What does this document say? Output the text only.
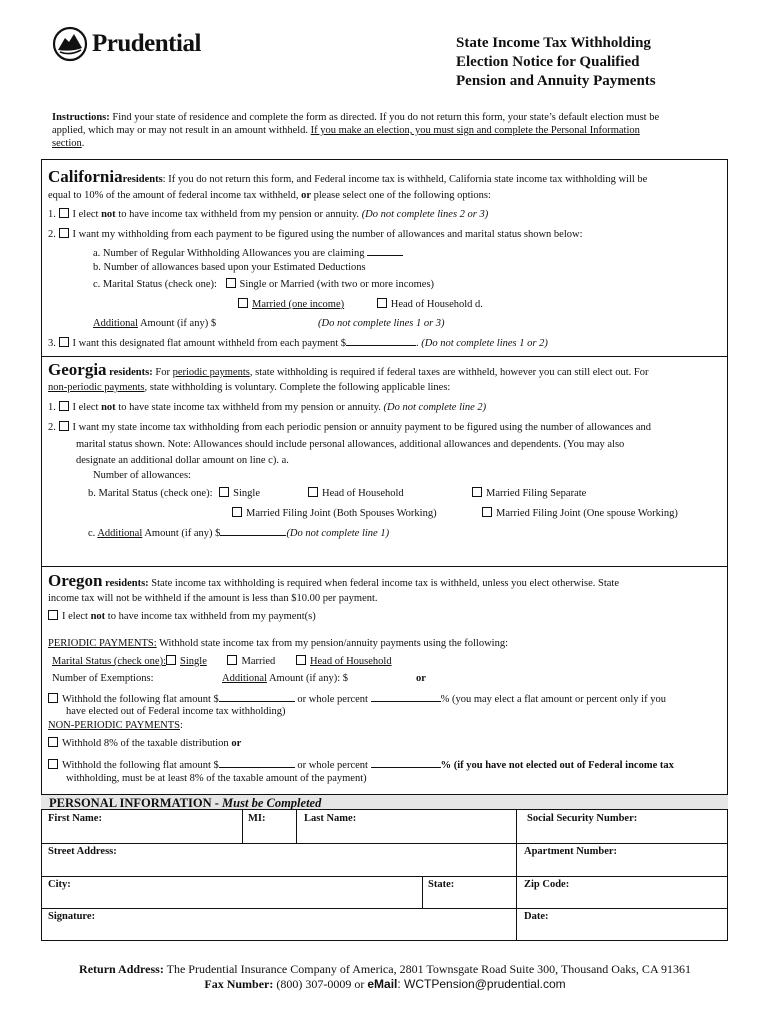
Prudential	State Income Tax Withholding
Election Notice for Qualified
Pension and Annuity Payments
Instructions: Find your state of residence and complete the form as directed. If you do not return this form, your state’s default election must be
applied, which may or may not result in an amount withheld. If you make an election, you must sign and complete the Personal Information
section.
Californiaresidents: If you do not return this form, and Federal income tax is withheld, California state income tax withholding will be
equal to 10% of the amount of federal income tax withheld, or please select one of the following options:
1. I elect not to have income tax withheld from my pension or annuity. (Do not complete lines 2 or 3)
2. I want my withholding from each payment to be figured using the number of allowances and marital status shown below:
a. Number of Regular Withholding Allowances you are claiming
b. Number of allowances based upon your Estimated Deductions
c. Marital Status (check one): Single or Married (with two or more incomes)
Married (one income)	Head of Household d.
Additional Amount (if any) $	(Do not complete lines 1 or 3)
3. I want this designated flat amount withheld from each payment $	. (Do not complete lines 1 or 2)
Georgia residents: For periodic payments, state withholding is required if federal taxes are withheld, however you can still elect out. For
non-periodic payments, state withholding is voluntary. Complete the following applicable lines:
1. I elect not to have state income tax withheld from my pension or annuity. (Do not complete line 2)
2. I want my state income tax withholding from each periodic pension or annuity payment to be figured using the number of allowances and
marital status shown. Note: Allowances should include personal allowances, additional allowances and dependents. (You may also
designate an additional dollar amount on line c). a.
Number of allowances:
b. Marital Status (check one): Single	Head of Household	Married Filing Separate
Married Filing Joint (Both Spouses Working)	Married Filing Joint (One spouse Working)
c. Additional Amount (if any) $	(Do not complete line 1)
Oregon residents: State income tax withholding is required when federal income tax is withheld, unless you elect otherwise. State
income tax will not be withheld if the amount is less than $10.00 per payment.
I elect not to have income tax withheld from my payment(s)
PERIODIC PAYMENTS: Withhold state income tax from my pension/annuity payments using the following:
Marital Status (check one): Single	Married	Head of Household
Number of Exemptions:	Additional Amount (if any): $	or
Withhold the following flat amount $	or whole percent	% (you may elect a flat amount or percent only if you
have elected out of Federal income tax withholding)
NON-PERIODIC PAYMENTS:
Withhold 8% of the taxable distribution or
Withhold the following flat amount $	or whole percent	% (if you have not elected out of Federal income tax
withholding, must be at least 8% of the taxable amount of the payment)
PERSONAL INFORMATION - Must be Completed
First Name:	MI:	Last Name:	Social Security Number:
Street Address:	Apartment Number:
City:	State:	Zip Code:
Signature:	Date:
Return Address: The Prudential Insurance Company of America, 2801 Townsgate Road Suite 300, Thousand Oaks, CA 91361
Fax Number: (800) 307-0009 or eMail: WCTPension@prudential.com
